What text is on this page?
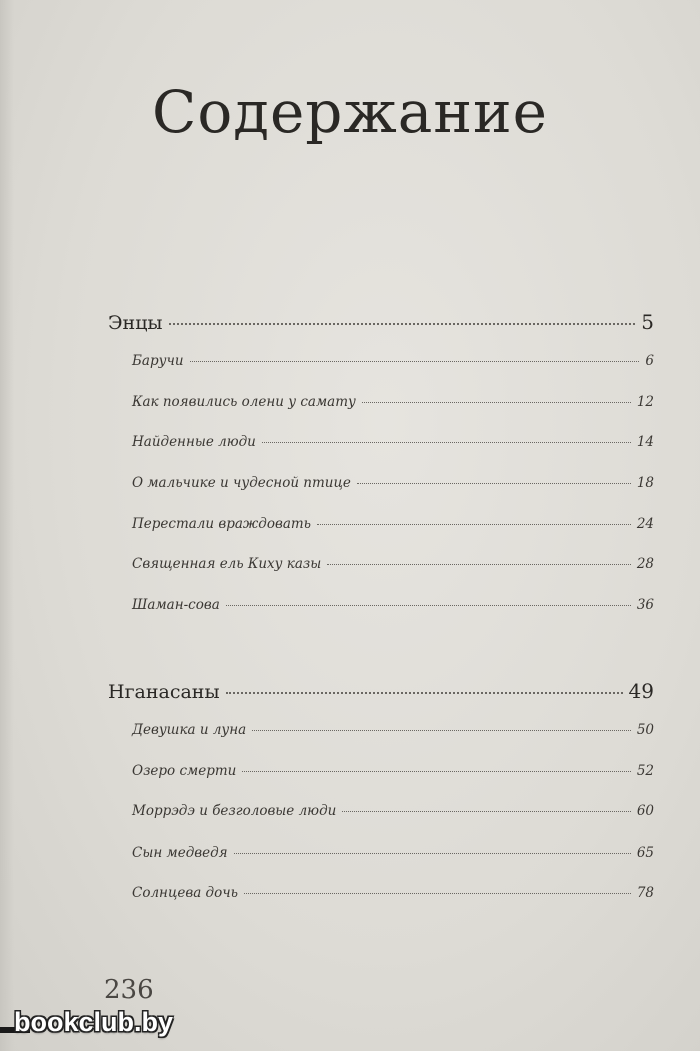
Содержание
Энцы	5
Баручи	6
Как появились олени у самату	12
Найденные люди	14
О мальчике и чудесной птице	18
Перестали враждовать	24
Священная ель Киху казы	28
Шаман-сова	36
Нганасаны	49
Девушка и луна	50
Озеро смерти	52
Моррэдэ и безголовые люди	60
Сын медведя	65
Солнцева дочь	78
236
bookclub.by
